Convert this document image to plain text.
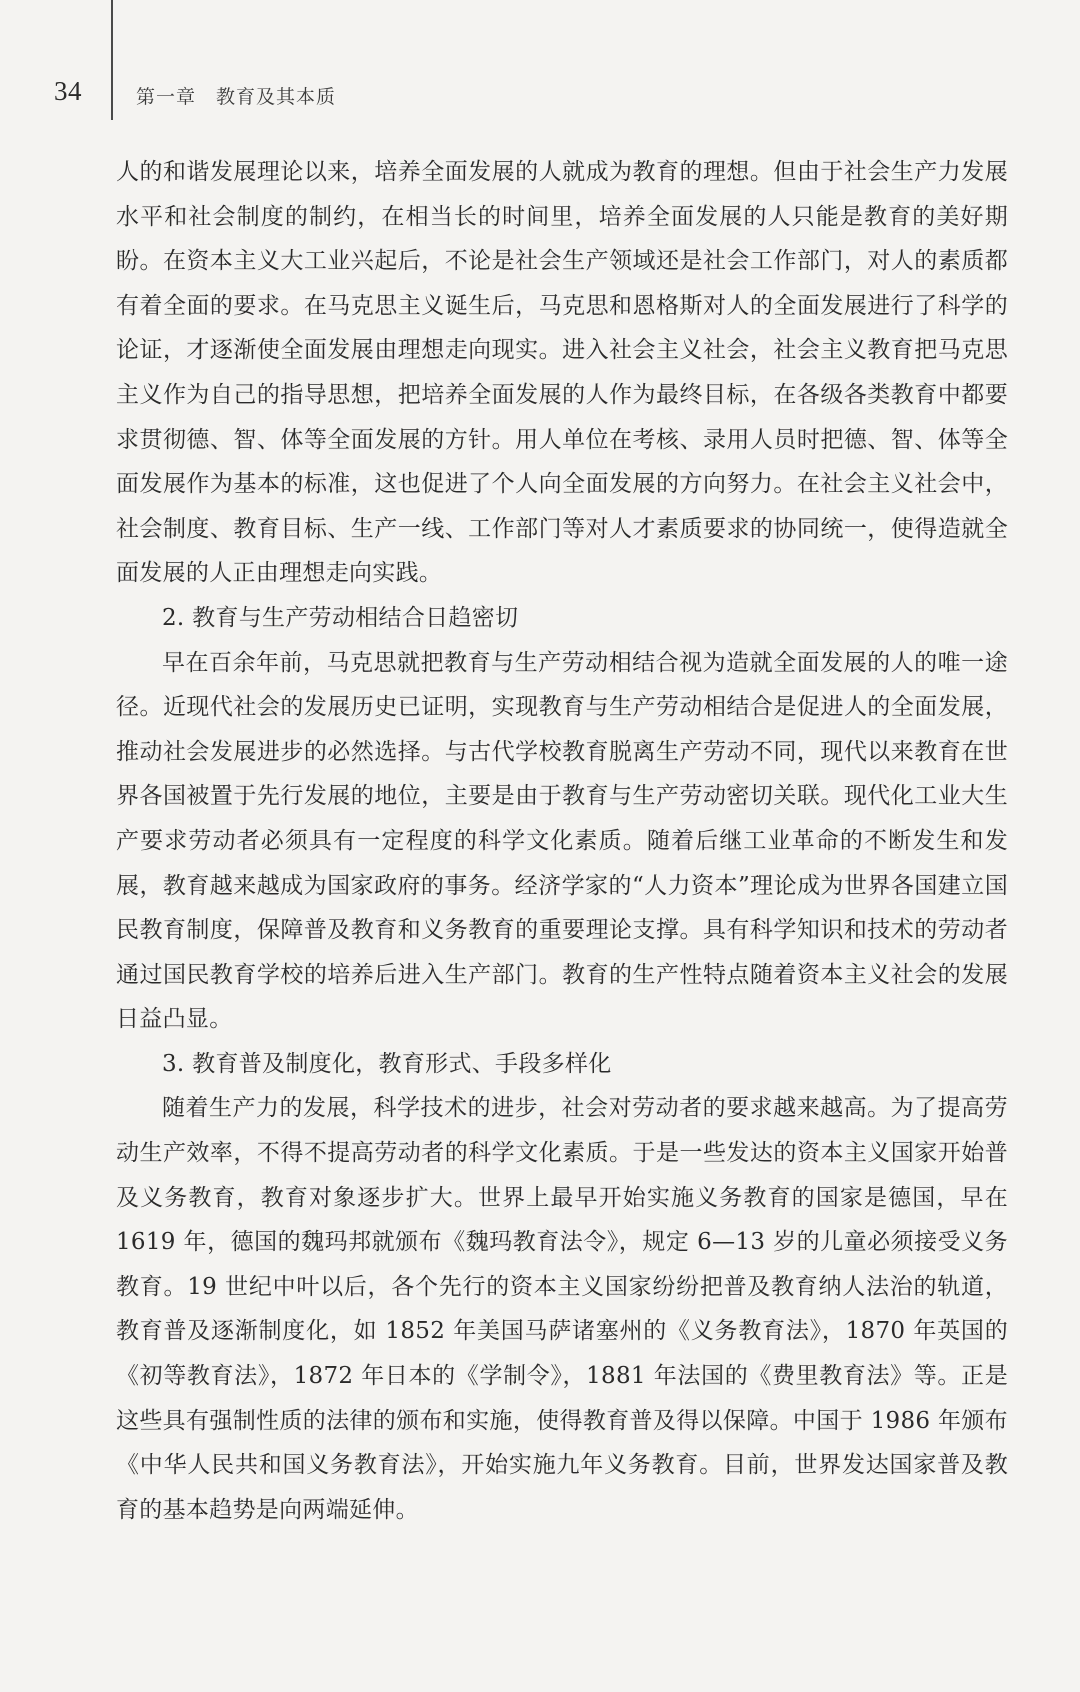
34	第一章　教育及其本质

人的和谐发展理论以来，培养全面发展的人就成为教育的理想。但由于社会生产力发展水平和社会制度的制约，在相当长的时间里，培养全面发展的人只能是教育的美好期盼。在资本主义大工业兴起后，不论是社会生产领域还是社会工作部门，对人的素质都有着全面的要求。在马克思主义诞生后，马克思和恩格斯对人的全面发展进行了科学的论证，才逐渐使全面发展由理想走向现实。进入社会主义社会，社会主义教育把马克思主义作为自己的指导思想，把培养全面发展的人作为最终目标，在各级各类教育中都要求贯彻德、智、体等全面发展的方针。用人单位在考核、录用人员时把德、智、体等全面发展作为基本的标准，这也促进了个人向全面发展的方向努力。在社会主义社会中，社会制度、教育目标、生产一线、工作部门等对人才素质要求的协同统一，使得造就全面发展的人正由理想走向实践。

2. 教育与生产劳动相结合日趋密切

早在百余年前，马克思就把教育与生产劳动相结合视为造就全面发展的人的唯一途径。近现代社会的发展历史已证明，实现教育与生产劳动相结合是促进人的全面发展，推动社会发展进步的必然选择。与古代学校教育脱离生产劳动不同，现代以来教育在世界各国被置于先行发展的地位，主要是由于教育与生产劳动密切关联。现代化工业大生产要求劳动者必须具有一定程度的科学文化素质。随着后继工业革命的不断发生和发展，教育越来越成为国家政府的事务。经济学家的“人力资本”理论成为世界各国建立国民教育制度，保障普及教育和义务教育的重要理论支撑。具有科学知识和技术的劳动者通过国民教育学校的培养后进入生产部门。教育的生产性特点随着资本主义社会的发展日益凸显。

3. 教育普及制度化，教育形式、手段多样化

随着生产力的发展，科学技术的进步，社会对劳动者的要求越来越高。为了提高劳动生产效率，不得不提高劳动者的科学文化素质。于是一些发达的资本主义国家开始普及义务教育，教育对象逐步扩大。世界上最早开始实施义务教育的国家是德国，早在 1619 年，德国的魏玛邦就颁布《魏玛教育法令》，规定 6—13 岁的儿童必须接受义务教育。19 世纪中叶以后，各个先行的资本主义国家纷纷把普及教育纳人法治的轨道，教育普及逐渐制度化，如 1852 年美国马萨诸塞州的《义务教育法》，1870 年英国的《初等教育法》，1872 年日本的《学制令》，1881 年法国的《费里教育法》等。正是这些具有强制性质的法律的颁布和实施，使得教育普及得以保障。中国于 1986 年颁布《中华人民共和国义务教育法》，开始实施九年义务教育。目前，世界发达国家普及教育的基本趋势是向两端延伸。
